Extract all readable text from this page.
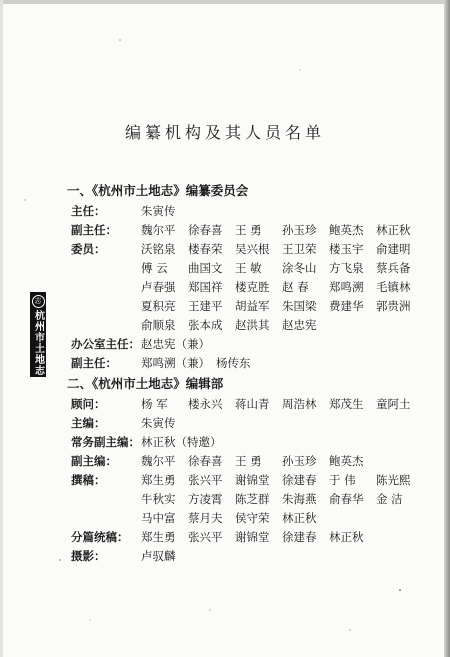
志
杭州市土地志
编纂机构及其人员名单
一、《杭州市土地志》编纂委员会
主任：	朱寅传
副主任：	魏尔平	徐春喜	王 勇	孙玉珍	鲍英杰	林正秋
委员：	沃铭泉	楼春荣	吴兴根	王卫荣	楼玉宇	俞建明
傅 云	曲国文	王 敏	涂冬山	方飞泉	蔡兵备
卢春强	郑国祥	楼克胜	赵 春	郑鸣溯	毛镇林
夏积亮	王建平	胡益军	朱国梁	费建华	郭贵洲
俞顺泉	张本成	赵洪其	赵忠宪
办公室主任： 赵忠宪（兼）
副主任：	郑鸣溯（兼） 杨传东
二、《杭州市土地志》编辑部
顾问：	杨 军	楼永兴	蒋山青	周浩林	郑茂生	童阿土
主编：	朱寅传
常务副主编： 林正秋（特邀）
副主编：	魏尔平	徐春喜	王 勇	孙玉珍	鲍英杰
撰稿：	郑生勇	张兴平	谢锦堂	徐建春	于 伟	陈光熙
牛秋实	方凌霄	陈芝群	朱海燕	俞春华	金 洁
马中富	蔡月夫	侯守荣	林正秋
分篇统稿：	郑生勇	张兴平	谢锦堂	徐建春	林正秋
摄影：	卢驭麟
